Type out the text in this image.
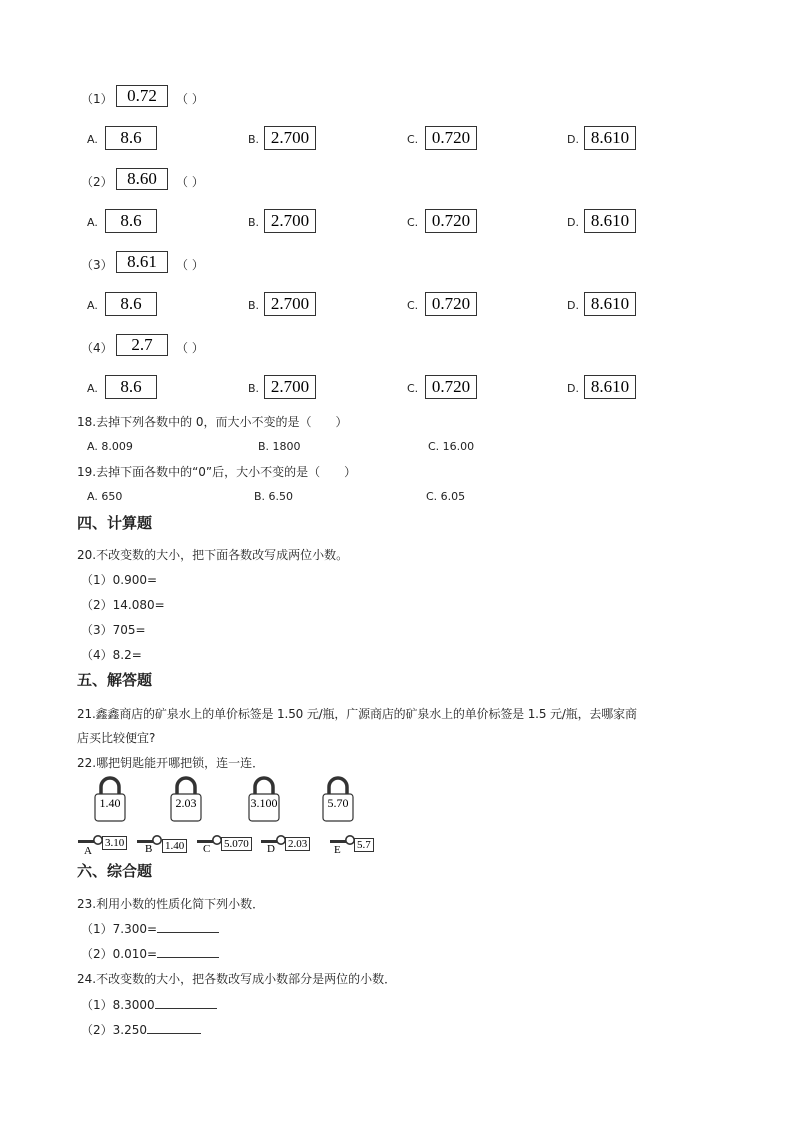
（1） 0.72	（ ）
A.	8.6	B. 2.700	C. 0.720	D. 8.610
（2） 8.60	（ ）
A.	8.6	B. 2.700	C. 0.720	D. 8.610
（3） 8.61	（ ）
A.	8.6	B. 2.700	C. 0.720	D. 8.610
（4）	2.7	（ ）
A.	8.6	B. 2.700	C. 0.720	D. 8.610
18.去掉下列各数中的 0，而大小不变的是（　　）
A. 8.009	B. 1800	C. 16.00
19.去掉下面各数中的“0”后，大小不变的是（　　）
A. 650	B. 6.50	C. 6.05
四、计算题
20.不改变数的大小，把下面各数改写成两位小数。
（1）0.900=
（2）14.080=
（3）705=
（4）8.2=
五、解答题
21.鑫鑫商店的矿泉水上的单价标签是 1.50 元/瓶，广源商店的矿泉水上的单价标签是 1.5 元/瓶，去哪家商
店买比较便宜?
22.哪把钥匙能开哪把锁，连一连．
1.40	2.03	3.100	5.70
3.10
A	1.40
B	5.070
C	2.03
D	5.7
E
六、综合题
23.利用小数的性质化简下列小数．
（1）7.300=
（2）0.010=
24.不改变数的大小，把各数改写成小数部分是两位的小数．
（1）8.3000
（2）3.250
